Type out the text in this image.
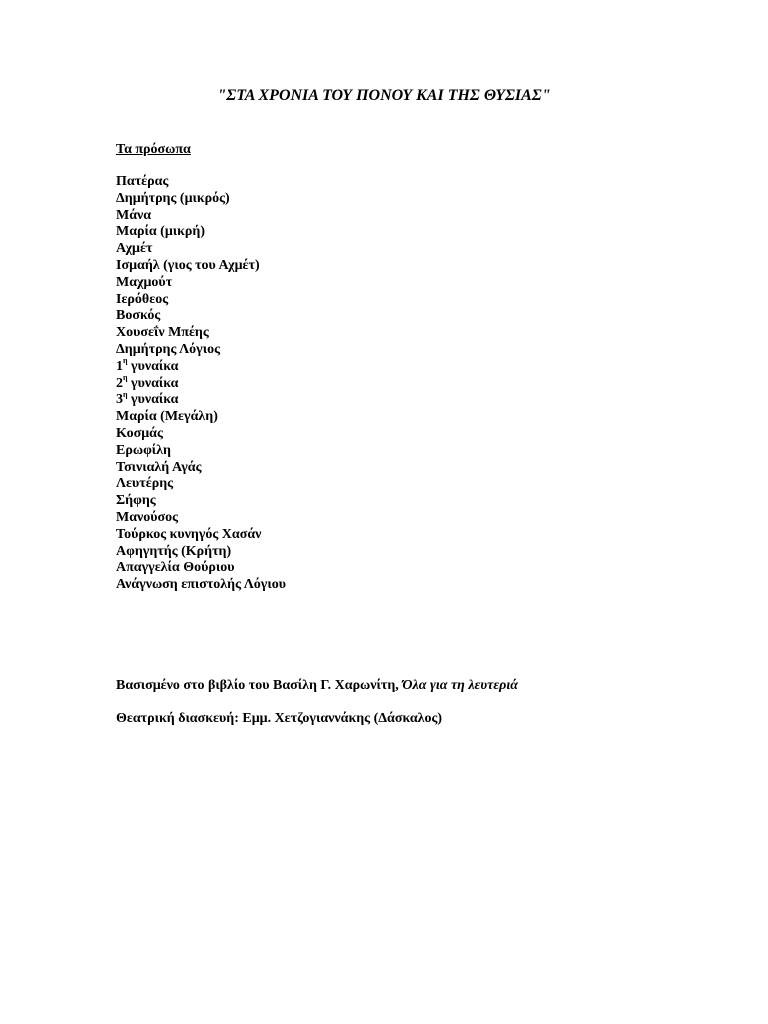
"ΣΤΑ ΧΡΟΝΙΑ ΤΟΥ ΠΟΝΟΥ ΚΑΙ ΤΗΣ ΘΥΣΙΑΣ"
Τα πρόσωπα
Πατέρας
Δημήτρης (μικρός)
Μάνα
Μαρία (μικρή)
Αχμέτ
Ισμαήλ (γιος του Αχμέτ)
Μαχμούτ
Ιερόθεος
Βοσκός
Χουσεΐν Μπέης
Δημήτρης Λόγιος
$1^\eta$ γυναίκα
$2^\eta$ γυναίκα
$3^\eta$ γυναίκα
Μαρία (Μεγάλη)
Κοσμάς
Ερωφίλη
Τσινιαλή Αγάς
Λευτέρης
Σήφης
Μανούσος
Τούρκος κυνηγός Χασάν
Αφηγητής (Κρήτη)
Απαγγελία Θούριου
Ανάγνωση επιστολής Λόγιου
Βασισμένο στο βιβλίο του Βασίλη Γ. Χαρωνίτη, Όλα για τη λευτεριά
Θεατρική διασκευή: Εμμ. Χετζογιαννάκης (Δάσκαλος)
